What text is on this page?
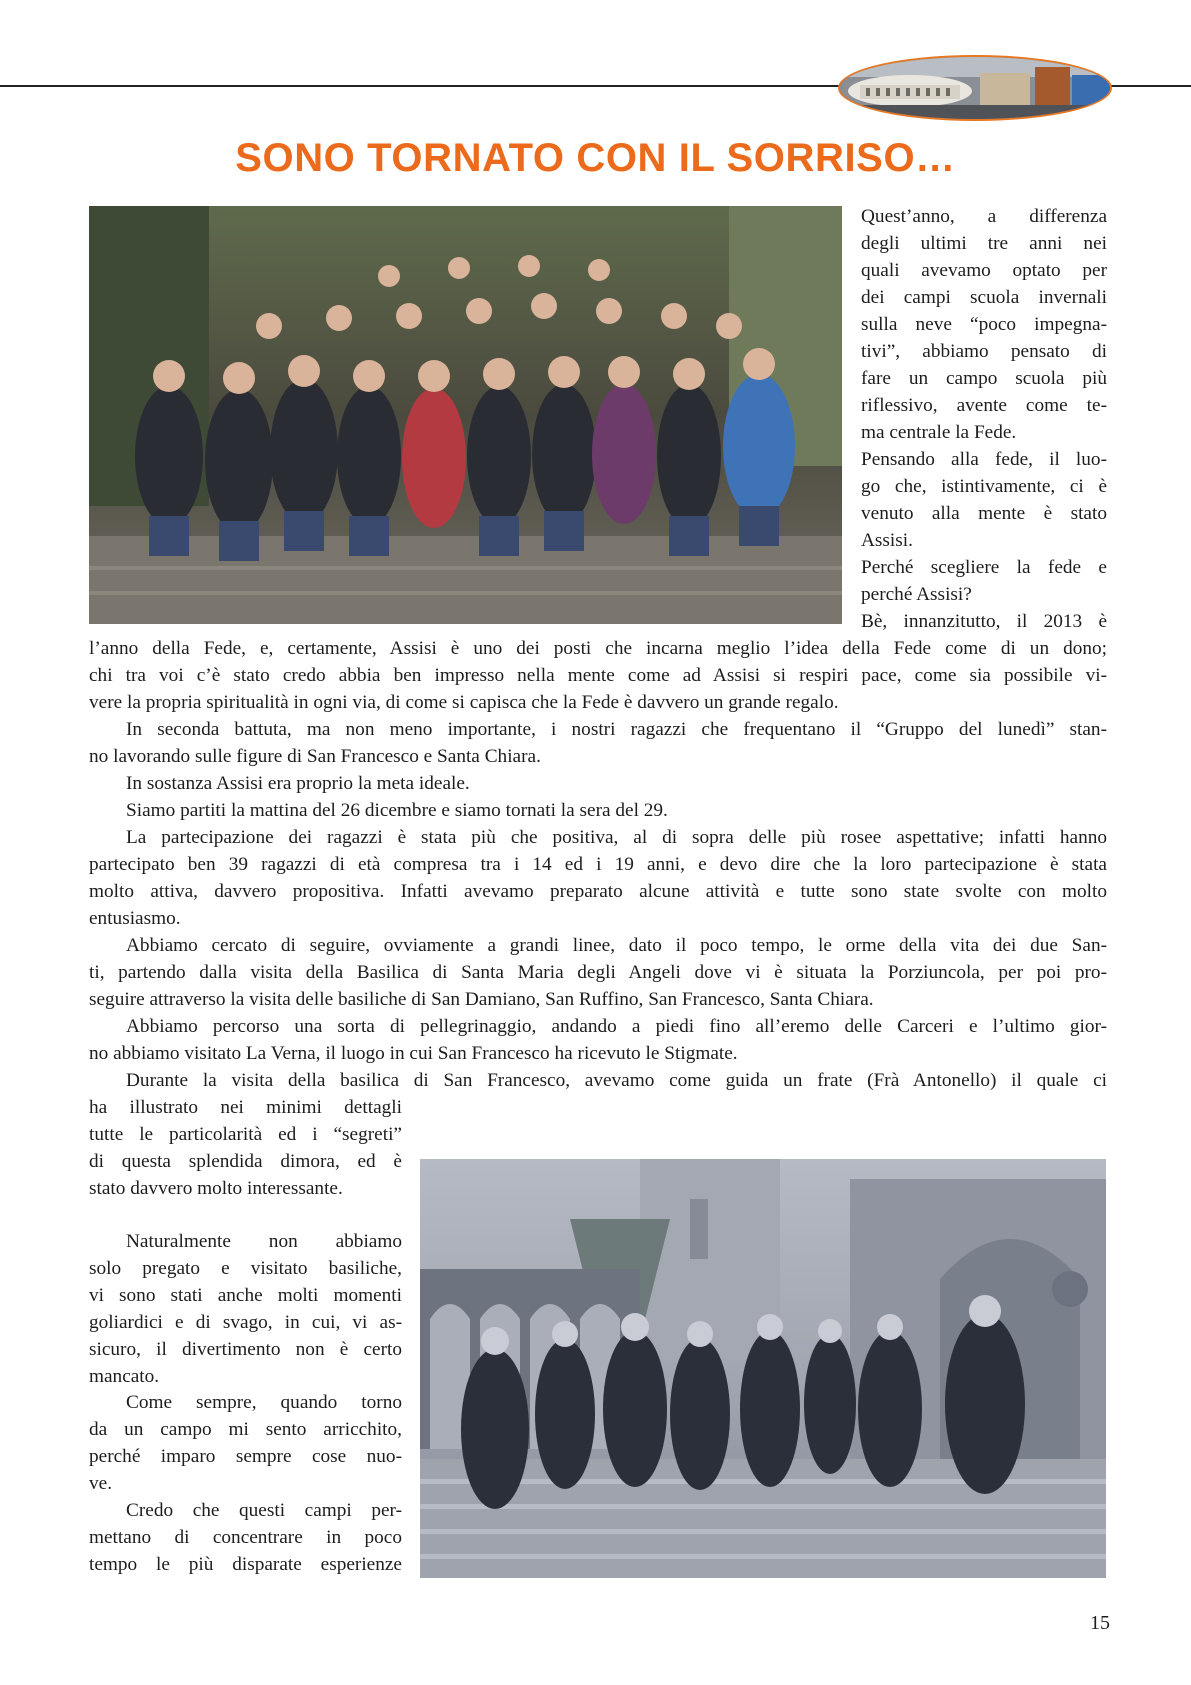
SONO TORNATO CON IL SORRISO…
Quest’anno, a differenza
degli ultimi tre anni nei
quali avevamo optato per
dei campi scuola invernali
sulla neve “poco impegna-
tivi”, abbiamo pensato di
fare un campo scuola più
riflessivo, avente come te-
ma centrale la Fede.
Pensando alla fede, il luo-
go che, istintivamente, ci è
venuto alla mente è stato
Assisi.
Perché scegliere la fede e
perché Assisi?
Bè, innanzitutto, il 2013 è
l’anno della Fede, e, certamente, Assisi è uno dei posti che incarna meglio l’idea della Fede come di un dono;
chi tra voi c’è stato credo abbia ben impresso nella mente come ad Assisi si respiri pace, come sia possibile vi-
vere la propria spiritualità in ogni via, di come si capisca che la Fede è davvero un grande regalo.
In seconda battuta, ma non meno importante, i nostri ragazzi che frequentano il “Gruppo del lunedì” stan-
no lavorando sulle figure di San Francesco e Santa Chiara.
In sostanza Assisi era proprio la meta ideale.
Siamo partiti la mattina del 26 dicembre e siamo tornati la sera del 29.
La partecipazione dei ragazzi è stata più che positiva, al di sopra delle più rosee aspettative; infatti hanno
partecipato ben 39 ragazzi di età compresa tra i 14 ed i 19 anni, e devo dire che la loro partecipazione è stata
molto attiva, davvero propositiva. Infatti avevamo preparato alcune attività e tutte sono state svolte con molto
entusiasmo.
Abbiamo cercato di seguire, ovviamente a grandi linee, dato il poco tempo, le orme della vita dei due San-
ti, partendo dalla visita della Basilica di Santa Maria degli Angeli dove vi è situata la Porziuncola, per poi pro-
seguire attraverso la visita delle basiliche di San Damiano, San Ruffino, San Francesco, Santa Chiara.
Abbiamo percorso una sorta di pellegrinaggio, andando a piedi fino all’eremo delle Carceri e l’ultimo gior-
no abbiamo visitato La Verna, il luogo in cui San Francesco ha ricevuto le Stigmate.
Durante la visita della basilica di San Francesco, avevamo come guida un frate (Frà Antonello) il quale ci
ha illustrato nei minimi dettagli
tutte le particolarità ed i “segreti”
di questa splendida dimora, ed è
stato davvero molto interessante.
Naturalmente non abbiamo
solo pregato e visitato basiliche,
vi sono stati anche molti momenti
goliardici e di svago, in cui, vi as-
sicuro, il divertimento non è certo
mancato.
Come sempre, quando torno
da un campo mi sento arricchito,
perché imparo sempre cose nuo-
ve.
Credo che questi campi per-
mettano di concentrare in poco
tempo le più disparate esperienze
15
